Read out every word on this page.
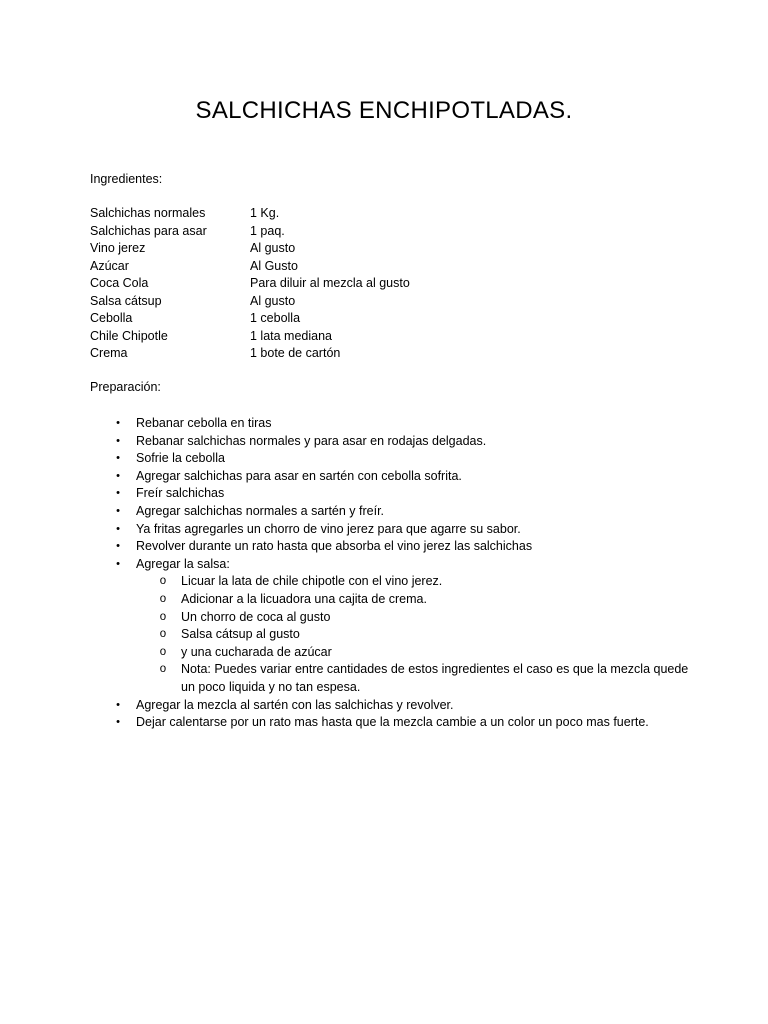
SALCHICHAS ENCHIPOTLADAS.
Ingredientes:
Salchichas normales	1 Kg.
Salchichas para asar	1 paq.
Vino jerez	Al gusto
Azúcar	Al Gusto
Coca Cola	Para diluir al mezcla al gusto
Salsa cátsup	Al gusto
Cebolla	1 cebolla
Chile Chipotle	1 lata mediana
Crema	1 bote de cartón
Preparación:
• Rebanar cebolla en tiras
• Rebanar salchichas normales y para asar en rodajas delgadas.
• Sofrie la cebolla
• Agregar salchichas para asar en sartén con cebolla sofrita.
• Freír salchichas
• Agregar salchichas normales a sartén y freír.
• Ya fritas agregarles un chorro de vino jerez para que agarre su sabor.
• Revolver durante un rato hasta que absorba el vino jerez las salchichas
• Agregar la salsa:
o Licuar la lata de chile chipotle con el vino jerez.
o Adicionar a la licuadora una cajita de crema.
o Un chorro de coca al gusto
o Salsa cátsup al gusto
o y una cucharada de azúcar
o Nota: Puedes variar entre cantidades de estos ingredientes el caso es que la mezcla quede un poco liquida y no tan espesa.
• Agregar la mezcla al sartén con las salchichas y revolver.
• Dejar calentarse por un rato mas hasta que la mezcla cambie a un color un poco mas fuerte.
